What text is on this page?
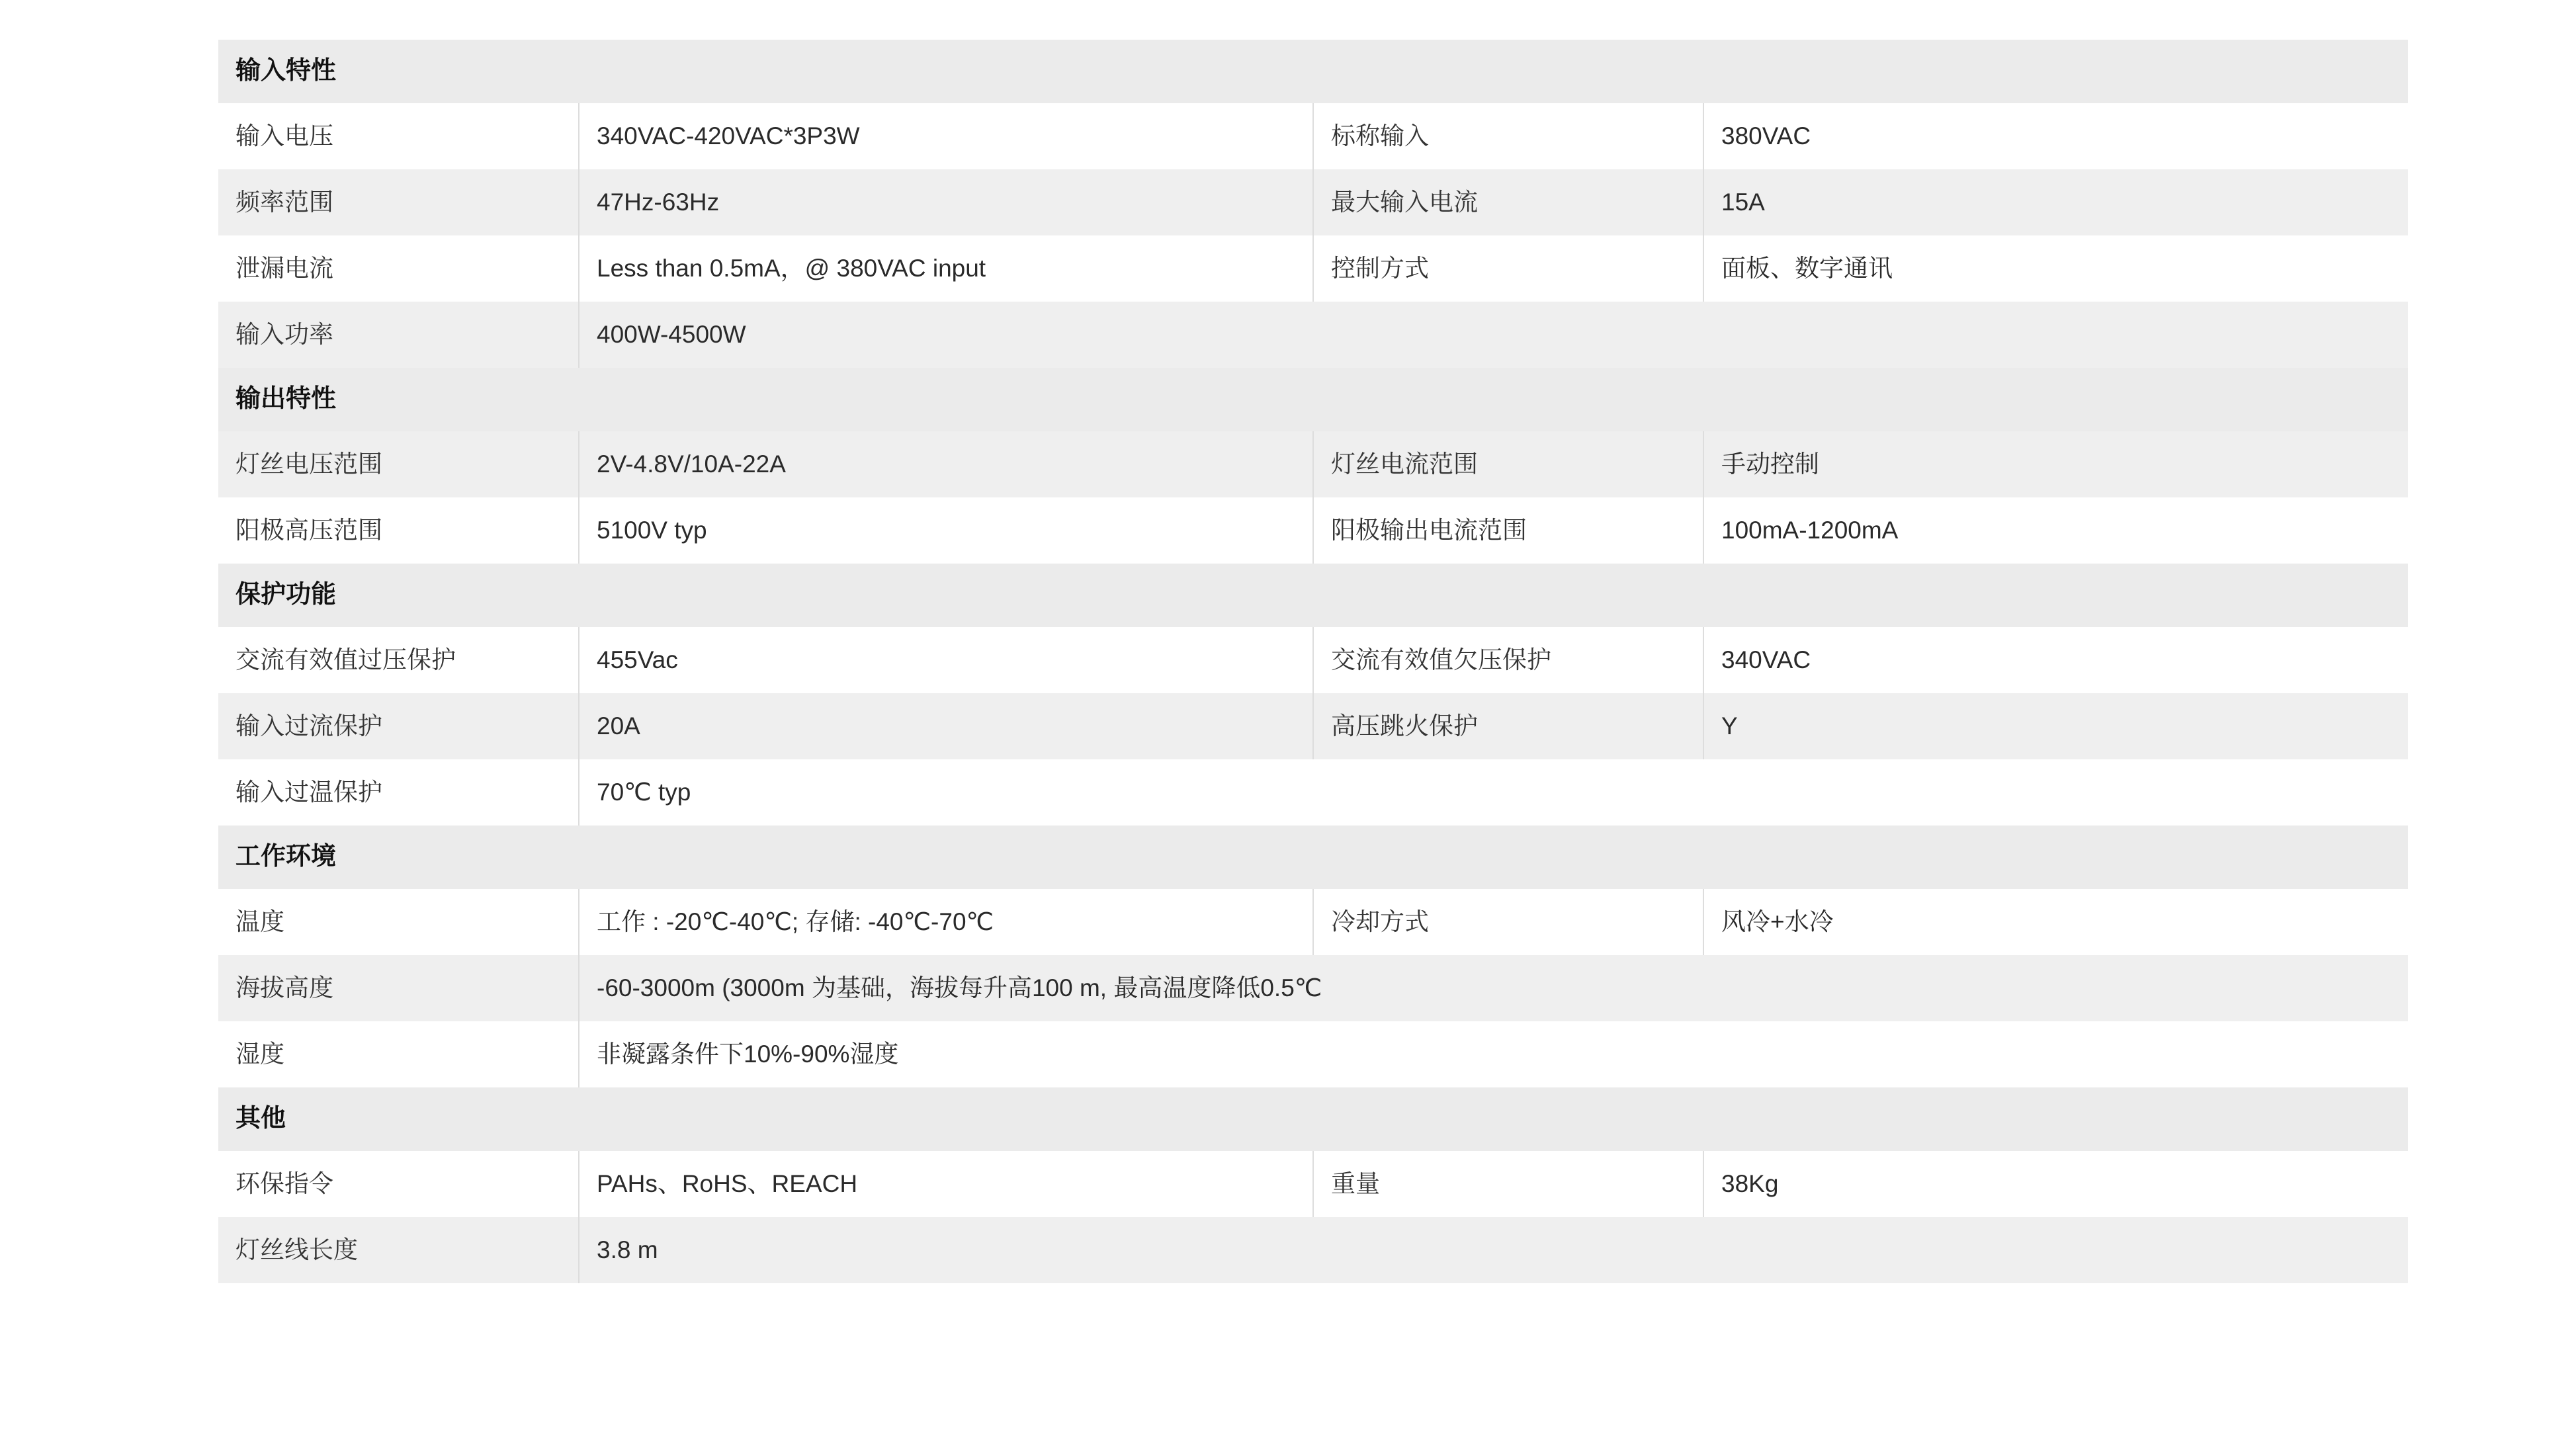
输入特性			
输入电压	340VAC-420VAC*3P3W	标称输入	380VAC
频率范围	47Hz-63Hz	最大输入电流	15A
泄漏电流	Less than 0.5mA，@ 380VAC input	控制方式	面板、数字通讯
输入功率	400W-4500W		
输出特性			
灯丝电压范围	2V-4.8V/10A-22A	灯丝电流范围	手动控制
阳极高压范围	5100V typ	阳极输出电流范围	100mA-1200mA
保护功能			
交流有效值过压保护	455Vac	交流有效值欠压保护	340VAC
输入过流保护	20A	高压跳火保护	Y
输入过温保护	70℃ typ		
工作环境			
温度	工作 : -20℃-40℃; 存储: -40℃-70℃	冷却方式	风冷+水冷
海拔高度	-60-3000m (3000m 为基础，海拔每升高100 m, 最高温度降低0.5℃		
湿度	非凝露条件下10%-90%湿度		
其他			
环保指令	PAHs、RoHS、REACH	重量	38Kg
灯丝线长度	3.8 m		
